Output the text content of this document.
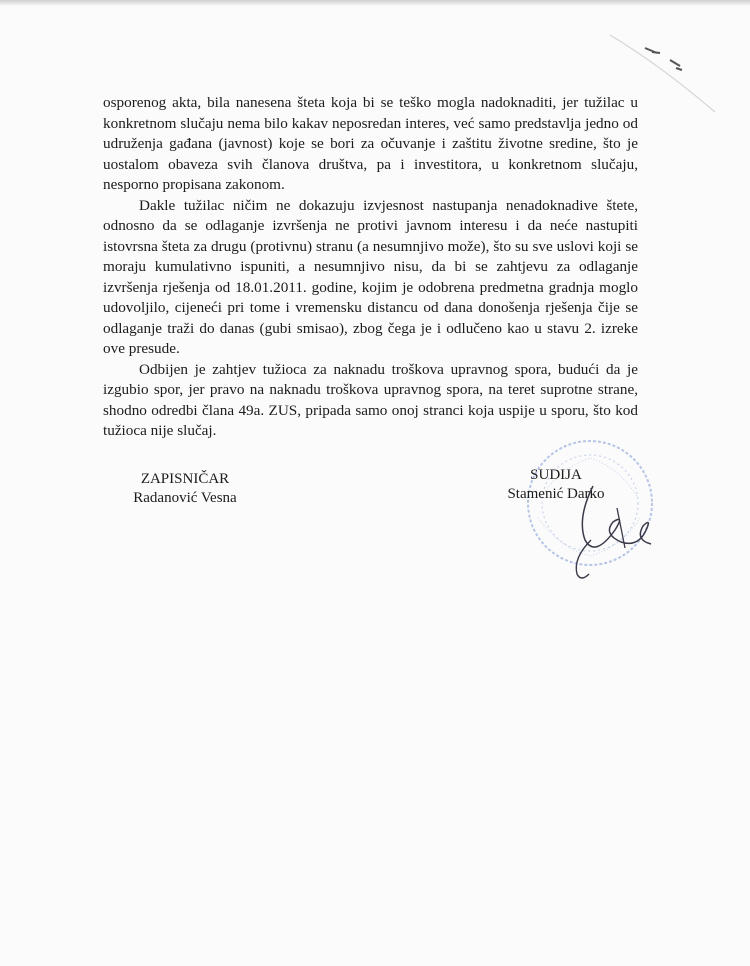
osporenog akta, bila nanesena šteta koja bi se teško mogla nadoknaditi, jer tužilac u konkretnom slučaju nema bilo kakav neposredan interes, već samo predstavlja jedno od udruženja gađana (javnost) koje se bori za očuvanje i zaštitu životne sredine, što je uostalom obaveza svih članova društva, pa i investitora, u konkretnom slučaju, nesporno propisana zakonom.

Dakle tužilac ničim ne dokazuju izvjesnost nastupanja nenadoknadive štete, odnosno da se odlaganje izvršenja ne protivi javnom interesu i da neće nastupiti istovrsna šteta za drugu (protivnu) stranu (a nesumnjivo može), što su sve uslovi koji se moraju kumulativno ispuniti, a nesumnjivo nisu, da bi se zahtjevu za odlaganje izvršenja rješenja od 18.01.2011. godine, kojim je odobrena predmetna gradnja moglo udovoljilo, cijeneći pri tome i vremensku distancu od dana donošenja rješenja čije se odlaganje traži do danas (gubi smisao), zbog čega je i odlučeno kao u stavu 2. izreke ove presude.

Odbijen je zahtjev tužioca za naknadu troškova upravnog spora, budući da je izgubio spor, jer pravo na naknadu troškova upravnog spora, na teret suprotne strane, shodno odredbi člana 49a. ZUS, pripada samo onoj stranci koja uspije u sporu, što kod tužioca nije slučaj.

ZAPISNIČAR
Radanović Vesna
SUDIJA
Stamenić Darko
